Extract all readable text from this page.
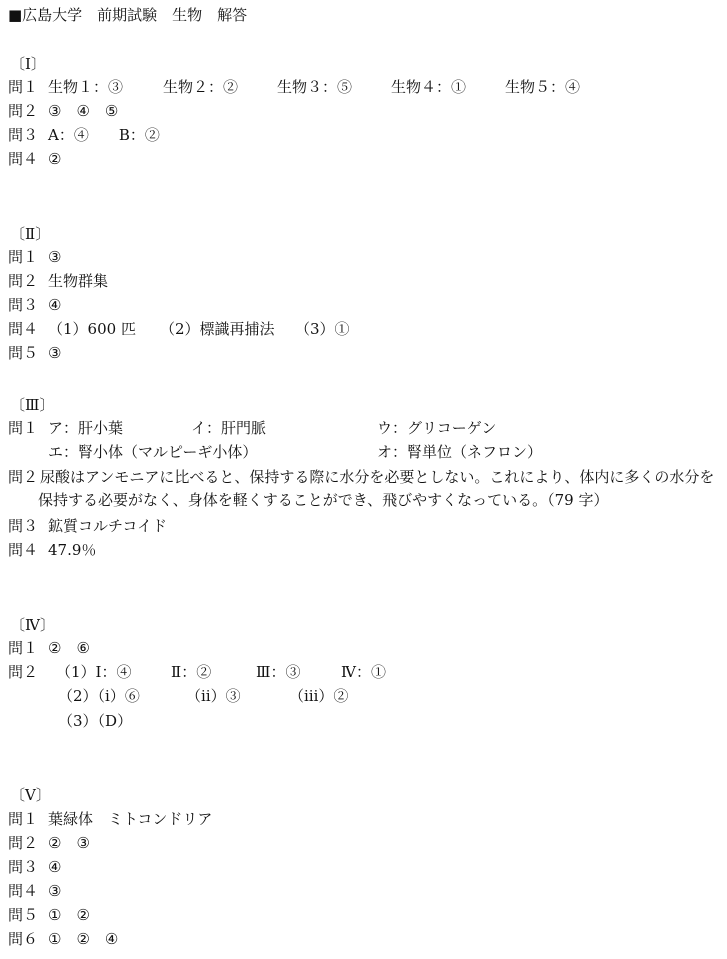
■広島大学　前期試験　生物　解答
〔Ⅰ〕
問１ 生物１：③	生物２：②	生物３：⑤	生物４：①	生物５：④
問２ ③　④　⑤
問３ A：④　　B：②
問４ ②
〔Ⅱ〕
問１ ③
問２ 生物群集
問３ ④
問４ （1）600 匹 （2）標識再捕法 （3）①
問５ ③
〔Ⅲ〕
問１ ア：肝小葉	イ：肝門脈	ウ：グリコーゲン
エ：腎小体（マルピーギ小体）	オ：腎単位（ネフロン）
問２ 尿酸はアンモニアに比べると、保持する際に水分を必要としない。これにより、体内に多くの水分を保持する必要がなく、身体を軽くすることができ、飛びやすくなっている。（79 字）
問３ 鉱質コルチコイド
問４ 47.9％
〔Ⅳ〕
問１ ②　⑥
問２	（1）Ⅰ：④	Ⅱ：②	Ⅲ：③	Ⅳ：①
（2）（ⅰ）⑥	（ⅱ）③	（ⅲ）②
（3）（D）
〔Ⅴ〕
問１ 葉緑体　ミトコンドリア
問２ ②　③
問３ ④
問４ ③
問５ ①　②
問６ ①　②　④
